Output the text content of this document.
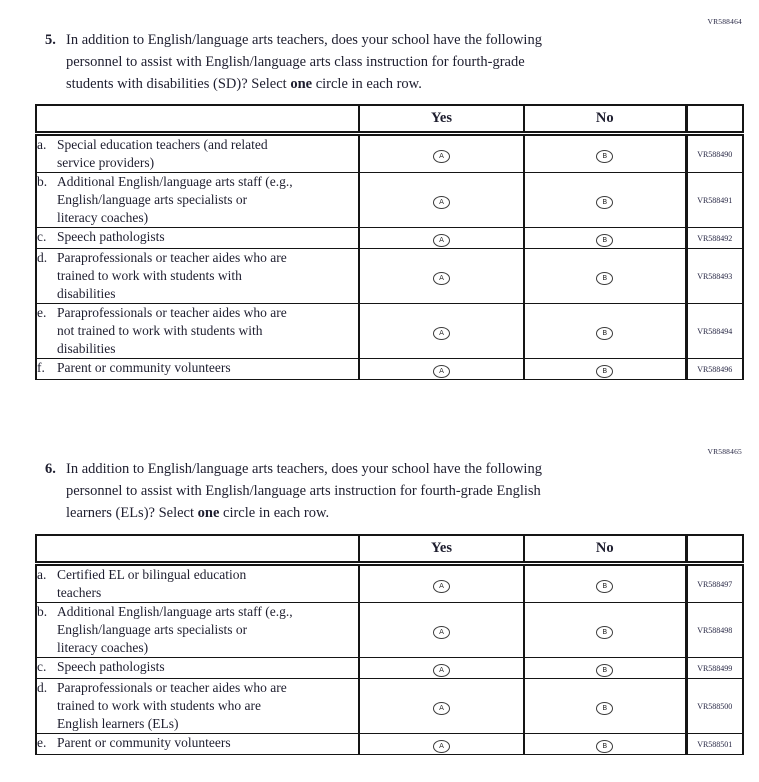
VR588464
5. In addition to English/language arts teachers, does your school have the following
personnel to assist with English/language arts class instruction for fourth-grade
students with disabilities (SD)? Select one circle in each row.
	Yes	No	

a. Special education teachers (and related
service providers)	A	B	VR588490

b. Additional English/language arts staff (e.g.,
English/language arts specialists or
literacy coaches)	A	B	VR588491

c. Speech pathologists	A	B	VR588492

d. Paraprofessionals or teacher aides who are
trained to work with students with
disabilities	A	B	VR588493

e. Paraprofessionals or teacher aides who are
not trained to work with students with
disabilities	A	B	VR588494

f. Parent or community volunteers	A	B	VR588496
VR588465
6. In addition to English/language arts teachers, does your school have the following
personnel to assist with English/language arts instruction for fourth-grade English
learners (ELs)? Select one circle in each row.
	Yes	No	

a. Certified EL or bilingual education
teachers	A	B	VR588497

b. Additional English/language arts staff (e.g.,
English/language arts specialists or
literacy coaches)	A	B	VR588498

c. Speech pathologists	A	B	VR588499

d. Paraprofessionals or teacher aides who are
trained to work with students who are
English learners (ELs)	A	B	VR588500

e. Parent or community volunteers	A	B	VR588501
